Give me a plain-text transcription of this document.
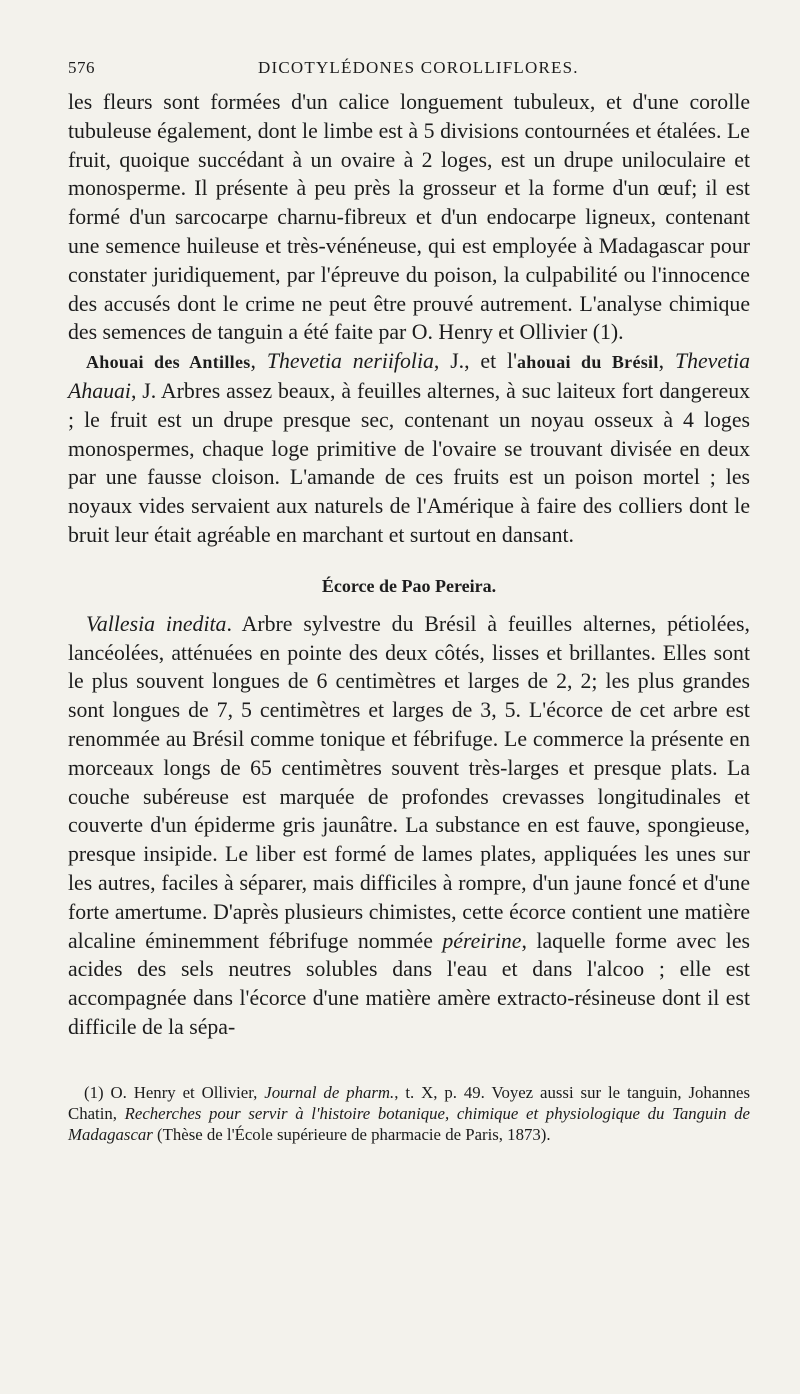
576	DICOTYLÉDONES COROLLIFLORES.

les fleurs sont formées d'un calice longuement tubuleux, et d'une corolle tubuleuse également, dont le limbe est à 5 divisions contournées et étalées. Le fruit, quoique succédant à un ovaire à 2 loges, est un drupe uniloculaire et monosperme. Il présente à peu près la grosseur et la forme d'un œuf; il est formé d'un sarcocarpe charnu-fibreux et d'un endocarpe ligneux, contenant une semence huileuse et très-vénéneuse, qui est employée à Madagascar pour constater juridiquement, par l'épreuve du poison, la culpabilité ou l'innocence des accusés dont le crime ne peut être prouvé autrement. L'analyse chimique des semences de tanguin a été faite par O. Henry et Ollivier (1).

Ahouai des Antilles, Thevetia neriifolia, J., et l'ahouai du Brésil, Thevetia Ahauai, J. Arbres assez beaux, à feuilles alternes, à suc laiteux fort dangereux ; le fruit est un drupe presque sec, contenant un noyau osseux à 4 loges monospermes, chaque loge primitive de l'ovaire se trouvant divisée en deux par une fausse cloison. L'amande de ces fruits est un poison mortel ; les noyaux vides servaient aux naturels de l'Amérique à faire des colliers dont le bruit leur était agréable en marchant et surtout en dansant.

Écorce de Pao Pereira.

Vallesia inedita. Arbre sylvestre du Brésil à feuilles alternes, pétiolées, lancéolées, atténuées en pointe des deux côtés, lisses et brillantes. Elles sont le plus souvent longues de 6 centimètres et larges de 2, 2; les plus grandes sont longues de 7, 5 centimètres et larges de 3, 5. L'écorce de cet arbre est renommée au Brésil comme tonique et fébrifuge. Le commerce la présente en morceaux longs de 65 centimètres souvent très-larges et presque plats. La couche subéreuse est marquée de profondes crevasses longitudinales et couverte d'un épiderme gris jaunâtre. La substance en est fauve, spongieuse, presque insipide. Le liber est formé de lames plates, appliquées les unes sur les autres, faciles à séparer, mais difficiles à rompre, d'un jaune foncé et d'une forte amertume. D'après plusieurs chimistes, cette écorce contient une matière alcaline éminemment fébrifuge nommée péreirine, laquelle forme avec les acides des sels neutres solubles dans l'eau et dans l'alcoo ; elle est accompagnée dans l'écorce d'une matière amère extracto-résineuse dont il est difficile de la sépa-

(1) O. Henry et Ollivier, Journal de pharm., t. X, p. 49. Voyez aussi sur le tanguin, Johannes Chatin, Recherches pour servir à l'histoire botanique, chimique et physiologique du Tanguin de Madagascar (Thèse de l'École supérieure de pharmacie de Paris, 1873).
